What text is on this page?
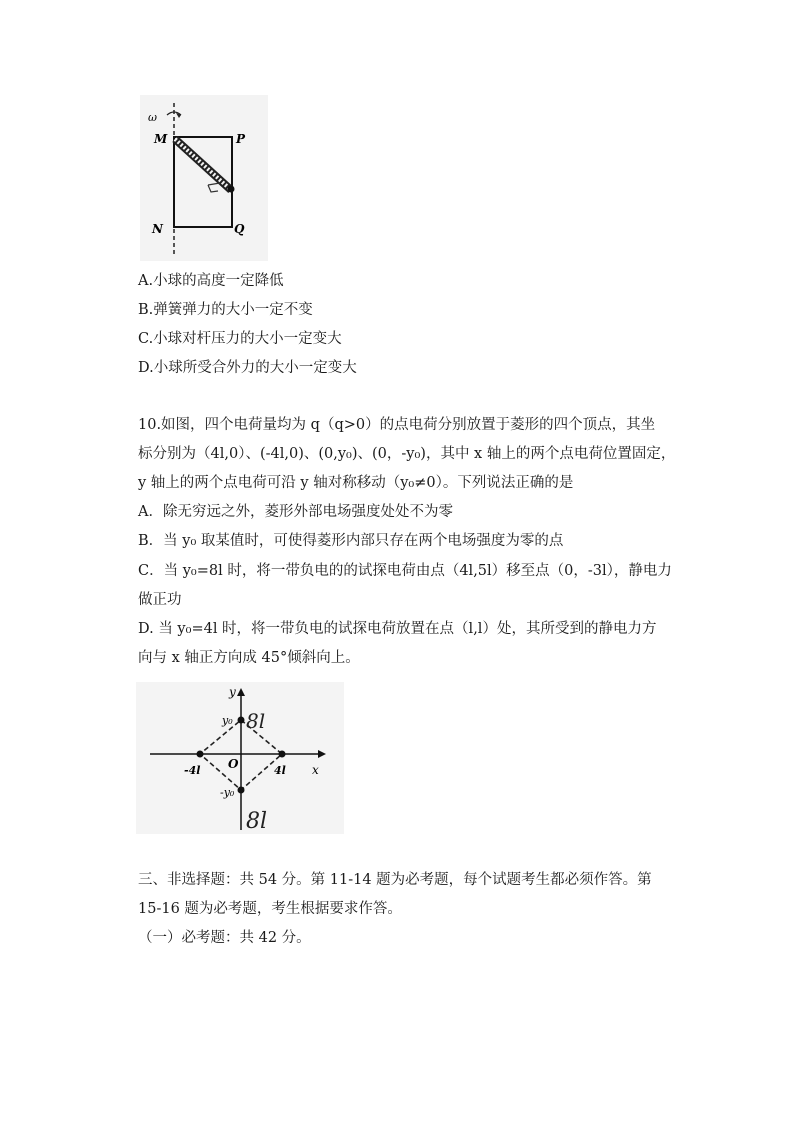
ω
M	P
N	Q
A.小球的高度一定降低
B.弹簧弹力的大小一定不变
C.小球对杆压力的大小一定变大
D.小球所受合外力的大小一定变大
10.如图，四个电荷量均为 q（q>0）的点电荷分别放置于菱形的四个顶点，其坐
标分别为（4l,0）、(-4l,0)、(0,y₀)、(0，-y₀)，其中 x 轴上的两个点电荷位置固定，
y 轴上的两个点电荷可沿 y 轴对称移动（y₀≠0）。下列说法正确的是
A．除无穷远之外，菱形外部电场强度处处不为零
B．当 y₀ 取某值时，可使得菱形内部只存在两个电场强度为零的点
C．当 y₀=8l 时，将一带负电的的试探电荷由点（4l,5l）移至点（0，-3l），静电力
做正功
D. 当 y₀=4l 时，将一带负电的试探电荷放置在点（l,l）处，其所受到的静电力方
向与 x 轴正方向成 45°倾斜向上。
y
x
y₀
-y₀
O
-4l	4l
8l
8l
三、非选择题：共 54 分。第 11-14 题为必考题，每个试题考生都必须作答。第
15-16 题为必考题，考生根据要求作答。
（一）必考题：共 42 分。
